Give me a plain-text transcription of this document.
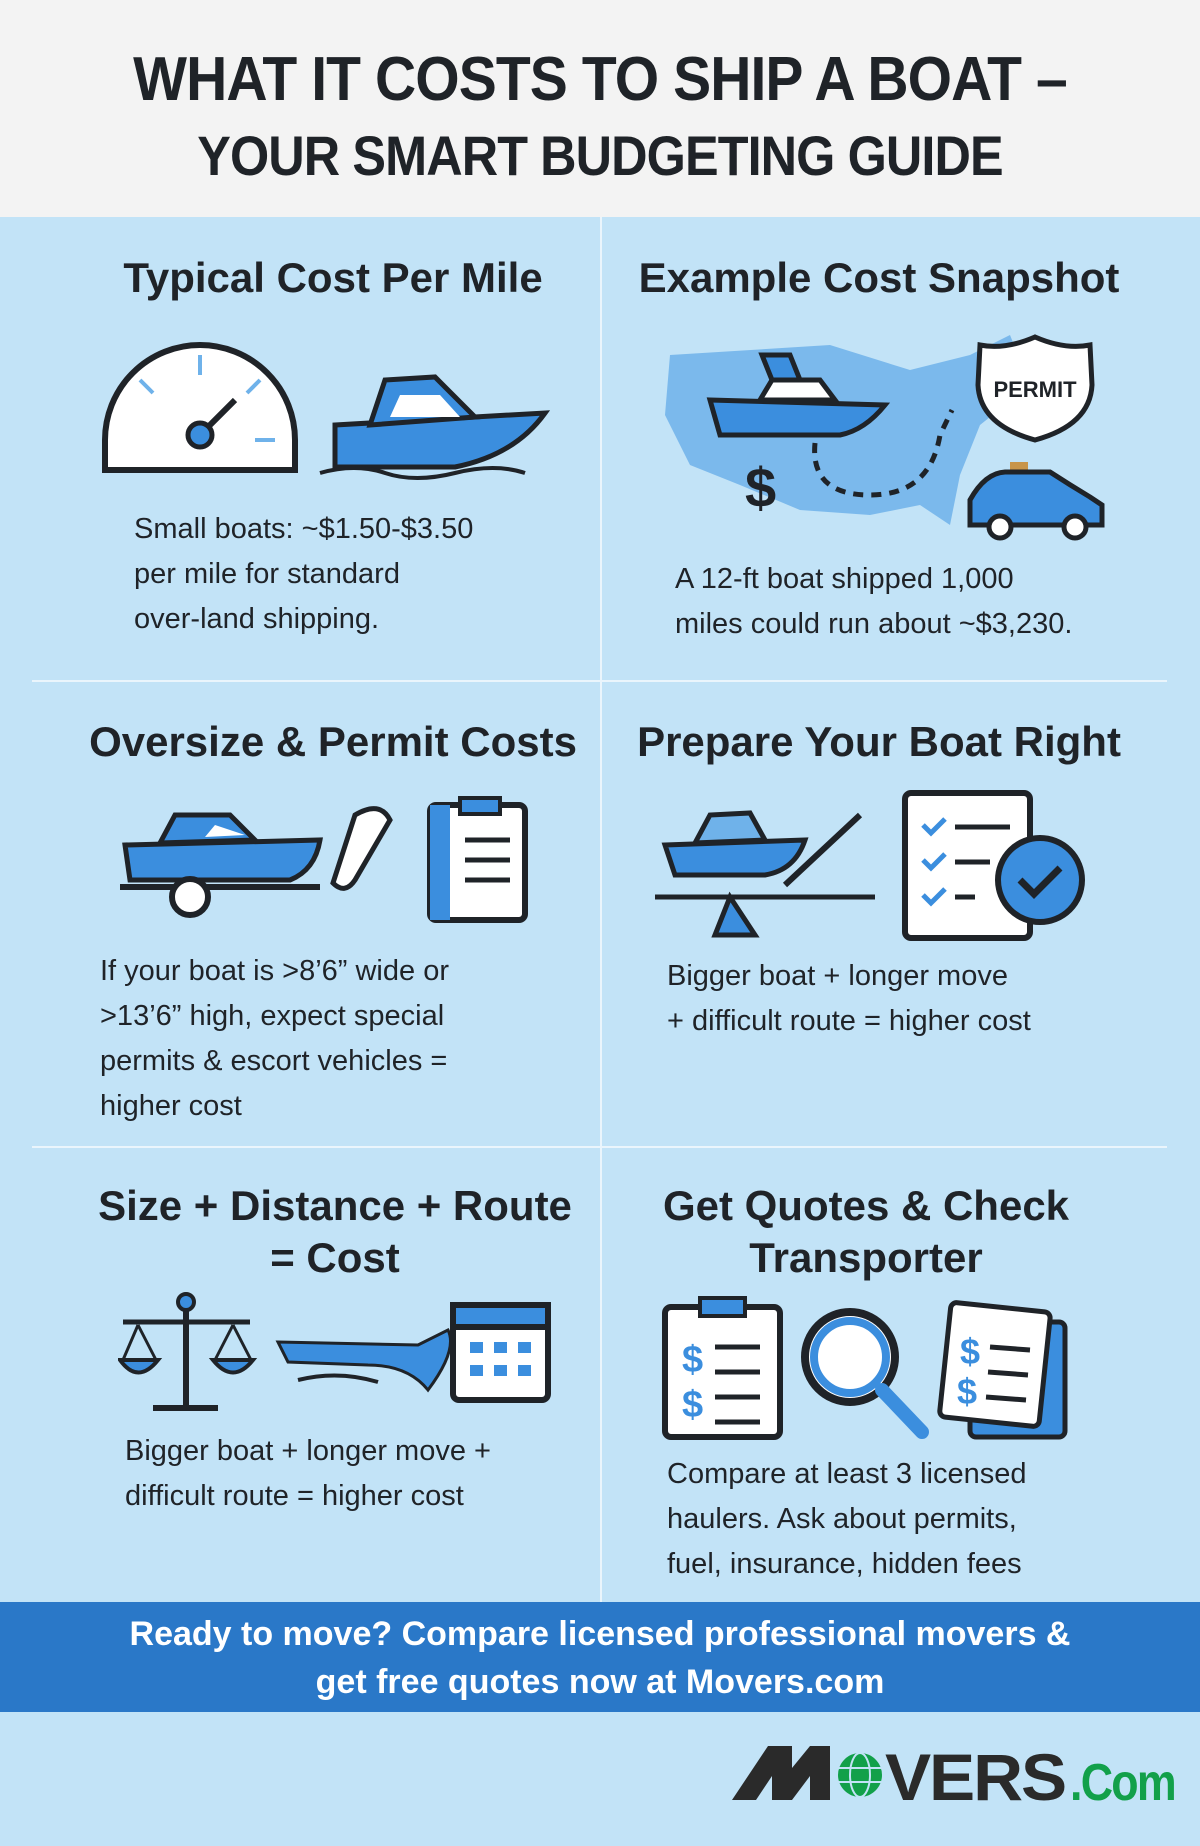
WHAT IT COSTS TO SHIP A BOAT –
YOUR SMART BUDGETING GUIDE
Typical Cost Per Mile
Small boats: ~$1.50-$3.50
per mile for standard
over-land shipping.
Example Cost Snapshot
$
PERMIT
A 12-ft boat shipped 1,000
miles could run about ~$3,230.
Oversize & Permit Costs
If your boat is >8’6” wide or
>13’6” high, expect special
permits & escort vehicles =
higher cost
Prepare Your Boat Right
Bigger boat + longer move
+ difficult route = higher cost
Size + Distance + Route
= Cost
Bigger boat + longer move +
difficult route = higher cost
Get Quotes & Check
Transporter
$
$
$
$
Compare at least 3 licensed
haulers. Ask about permits,
fuel, insurance, hidden fees
Ready to move? Compare licensed professional movers &
get free quotes now at Movers.com
VERS .Com
